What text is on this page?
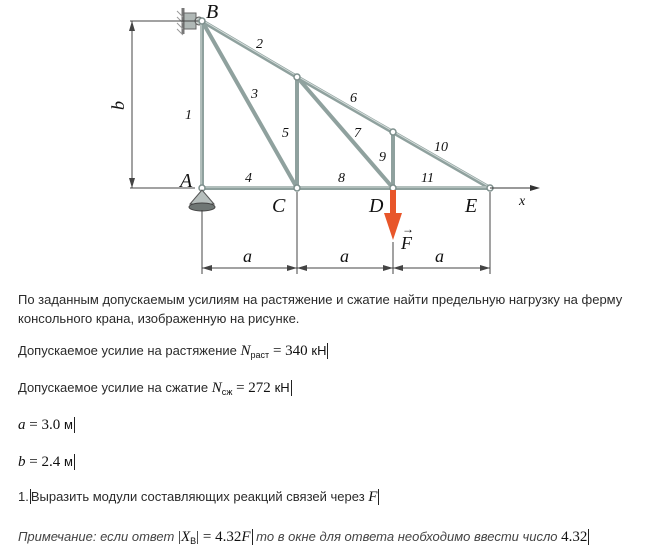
b
x
→
F
a	a	a
B
A
C	D	E
1
2
3
4
5
6
7
8
9
10
11
По заданным допускаемым усилиям на растяжение и сжатие найти предельную нагрузку на ферму консольного крана, изображенную на рисунке.
Допускаемое усилие на растяжение $N_{раст} = 340$ кН
Допускаемое усилие на сжатие $N_{сж} = 272$ кН
a = 3.0 м
b = 2.4 м
1. Выразить модули составляющих реакций связей через F
Примечание: если ответ $|X_B| = 4.32F$ то в окне для ответа необходимо ввести число 4.32
